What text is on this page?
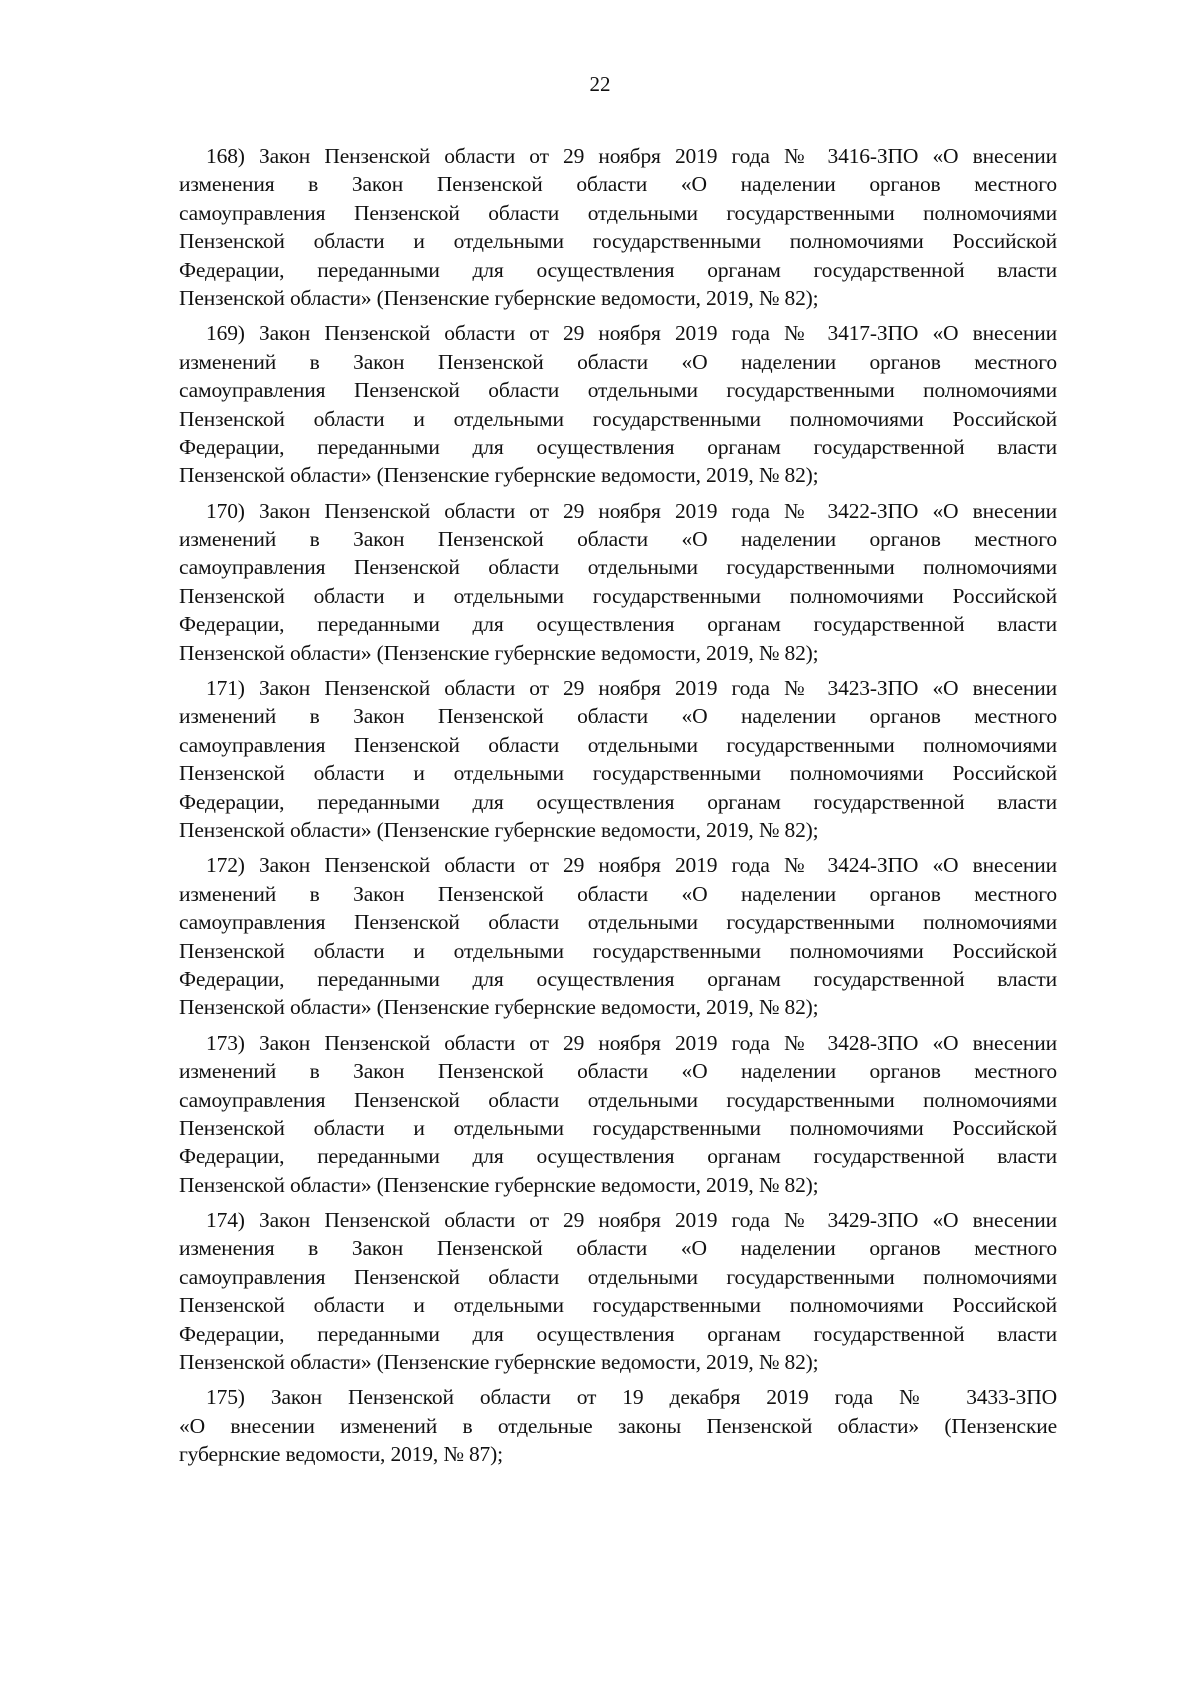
22
168) Закон Пензенской области от 29 ноября 2019 года № 3416-ЗПО «О внесении
изменения в Закон Пензенской области «О наделении органов местного
самоуправления Пензенской области отдельными государственными полномочиями
Пензенской области и отдельными государственными полномочиями Российской
Федерации, переданными для осуществления органам государственной власти
Пензенской области» (Пензенские губернские ведомости, 2019, № 82);
169) Закон Пензенской области от 29 ноября 2019 года № 3417-ЗПО «О внесении
изменений в Закон Пензенской области «О наделении органов местного
самоуправления Пензенской области отдельными государственными полномочиями
Пензенской области и отдельными государственными полномочиями Российской
Федерации, переданными для осуществления органам государственной власти
Пензенской области» (Пензенские губернские ведомости, 2019, № 82);
170) Закон Пензенской области от 29 ноября 2019 года № 3422-ЗПО «О внесении
изменений в Закон Пензенской области «О наделении органов местного
самоуправления Пензенской области отдельными государственными полномочиями
Пензенской области и отдельными государственными полномочиями Российской
Федерации, переданными для осуществления органам государственной власти
Пензенской области» (Пензенские губернские ведомости, 2019, № 82);
171) Закон Пензенской области от 29 ноября 2019 года № 3423-ЗПО «О внесении
изменений в Закон Пензенской области «О наделении органов местного
самоуправления Пензенской области отдельными государственными полномочиями
Пензенской области и отдельными государственными полномочиями Российской
Федерации, переданными для осуществления органам государственной власти
Пензенской области» (Пензенские губернские ведомости, 2019, № 82);
172) Закон Пензенской области от 29 ноября 2019 года № 3424-ЗПО «О внесении
изменений в Закон Пензенской области «О наделении органов местного
самоуправления Пензенской области отдельными государственными полномочиями
Пензенской области и отдельными государственными полномочиями Российской
Федерации, переданными для осуществления органам государственной власти
Пензенской области» (Пензенские губернские ведомости, 2019, № 82);
173) Закон Пензенской области от 29 ноября 2019 года № 3428-ЗПО «О внесении
изменений в Закон Пензенской области «О наделении органов местного
самоуправления Пензенской области отдельными государственными полномочиями
Пензенской области и отдельными государственными полномочиями Российской
Федерации, переданными для осуществления органам государственной власти
Пензенской области» (Пензенские губернские ведомости, 2019, № 82);
174) Закон Пензенской области от 29 ноября 2019 года № 3429-ЗПО «О внесении
изменения в Закон Пензенской области «О наделении органов местного
самоуправления Пензенской области отдельными государственными полномочиями
Пензенской области и отдельными государственными полномочиями Российской
Федерации, переданными для осуществления органам государственной власти
Пензенской области» (Пензенские губернские ведомости, 2019, № 82);
175) Закон Пензенской области от 19 декабря 2019 года № 3433-ЗПО
«О внесении изменений в отдельные законы Пензенской области» (Пензенские
губернские ведомости, 2019, № 87);
